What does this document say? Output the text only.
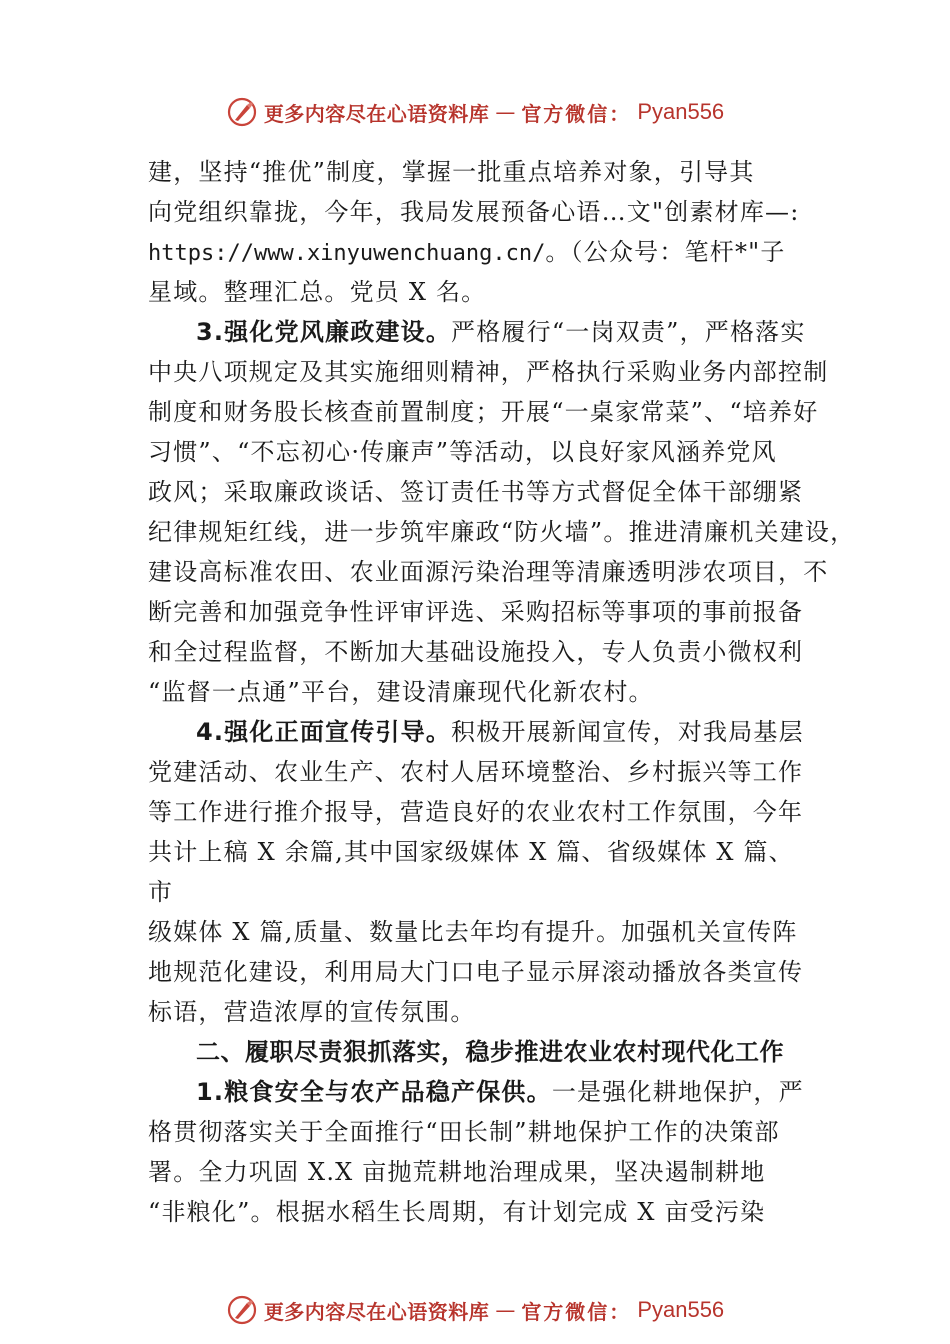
更多内容尽在心语资料库 — 官方微信： Pyan556
建，坚持“推优”制度，掌握一批重点培养对象，引导其
向党组织靠拢，今年，我局发展预备心语…文"创素材库—:
https://www.xinyuwenchuang.cn/。（公众号：笔杆*"子
星域。整理汇总。党员 X 名。
3.强化党风廉政建设。严格履行“一岗双责”，严格落实
中央八项规定及其实施细则精神，严格执行采购业务内部控制
制度和财务股长核查前置制度；开展“一桌家常菜”、“培养好
习惯”、“不忘初心·传廉声”等活动，以良好家风涵养党风
政风；采取廉政谈话、签订责任书等方式督促全体干部绷紧
纪律规矩红线，进一步筑牢廉政“防火墙”。推进清廉机关建设，
建设高标准农田、农业面源污染治理等清廉透明涉农项目，不
断完善和加强竞争性评审评选、采购招标等事项的事前报备
和全过程监督，不断加大基础设施投入，专人负责小微权利
“监督一点通”平台，建设清廉现代化新农村。
4.强化正面宣传引导。积极开展新闻宣传，对我局基层
党建活动、农业生产、农村人居环境整治、乡村振兴等工作
等工作进行推介报导，营造良好的农业农村工作氛围，今年
共计上稿 X 余篇,其中国家级媒体 X 篇、省级媒体 X 篇、
市
级媒体 X 篇,质量、数量比去年均有提升。加强机关宣传阵
地规范化建设，利用局大门口电子显示屏滚动播放各类宣传
标语，营造浓厚的宣传氛围。
二、履职尽责狠抓落实，稳步推进农业农村现代化工作
1.粮食安全与农产品稳产保供。一是强化耕地保护，严
格贯彻落实关于全面推行“田长制”耕地保护工作的决策部
署。全力巩固 X.X 亩抛荒耕地治理成果，坚决遏制耕地
“非粮化”。根据水稻生长周期，有计划完成 X 亩受污染
更多内容尽在心语资料库 — 官方微信： Pyan556
